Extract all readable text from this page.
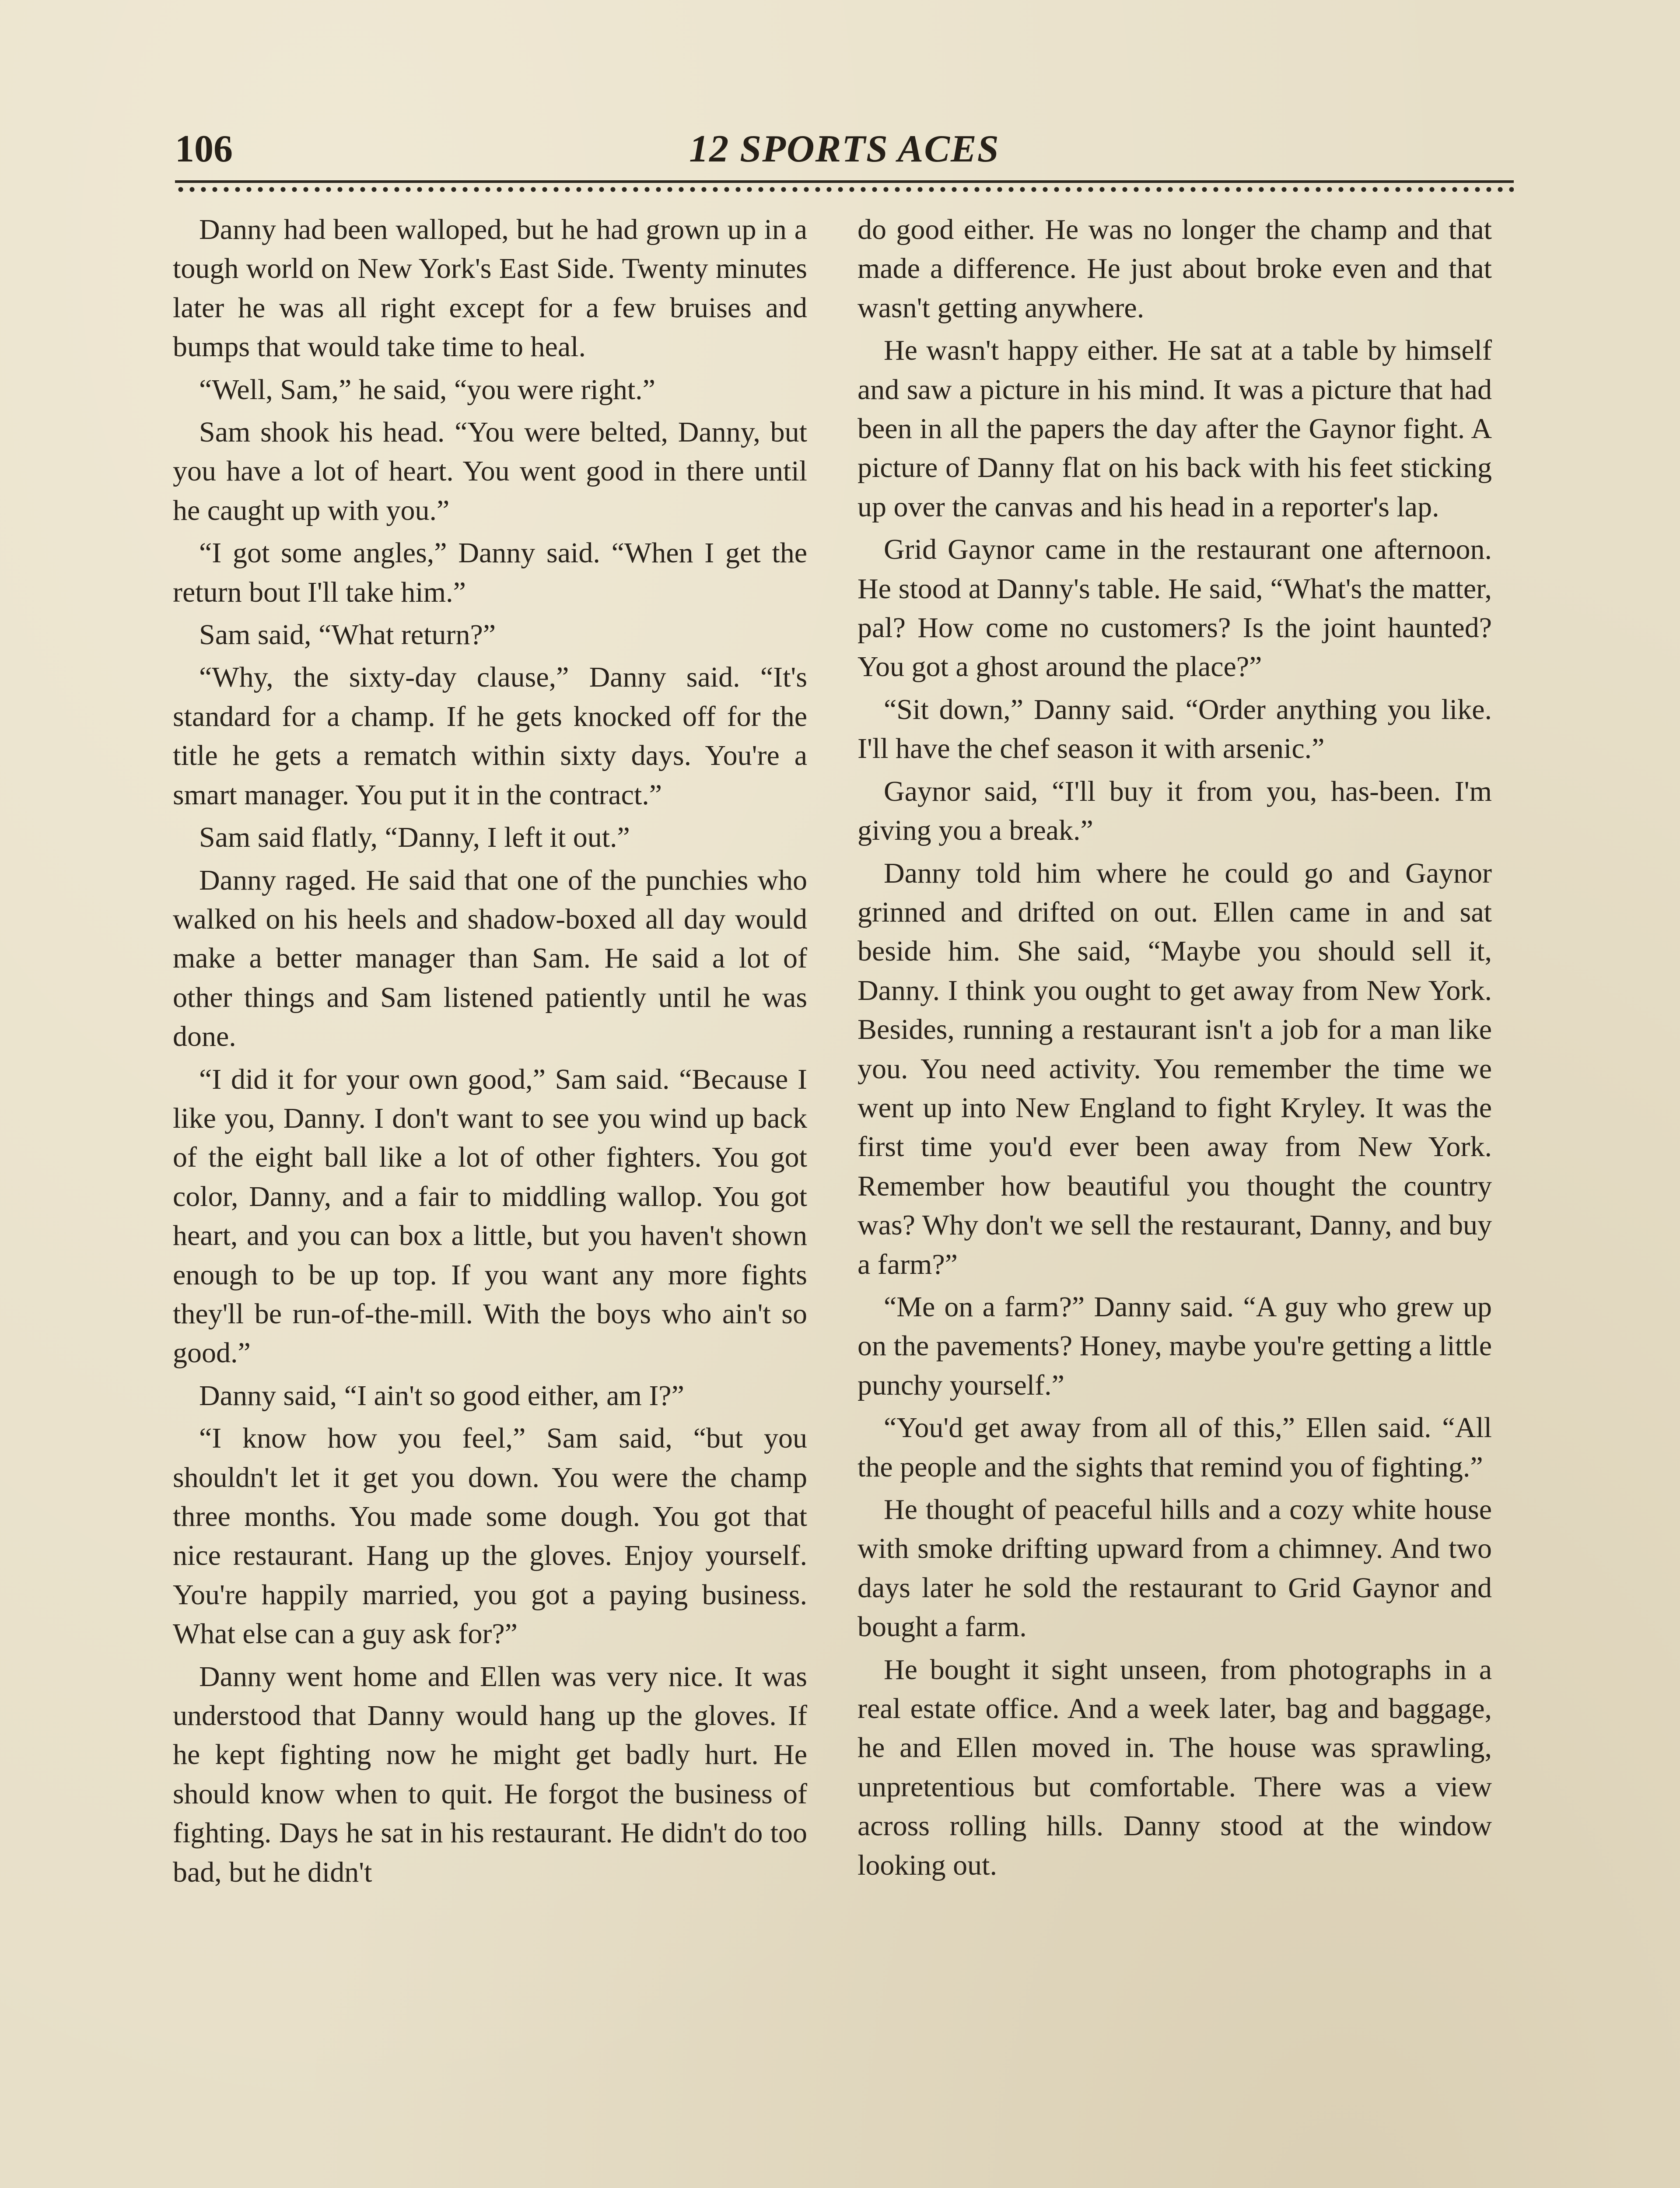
106	12 SPORTS ACES

Danny had been walloped, but he had grown up in a tough world on New York's East Side. Twenty minutes later he was all right except for a few bruises and bumps that would take time to heal.

“Well, Sam,” he said, “you were right.”

Sam shook his head. “You were belted, Danny, but you have a lot of heart. You went good in there until he caught up with you.”

“I got some angles,” Danny said. “When I get the return bout I'll take him.”

Sam said, “What return?”

“Why, the sixty-day clause,” Danny said. “It's standard for a champ. If he gets knocked off for the title he gets a rematch within sixty days. You're a smart manager. You put it in the contract.”

Sam said flatly, “Danny, I left it out.”

Danny raged. He said that one of the punchies who walked on his heels and shadow-boxed all day would make a better manager than Sam. He said a lot of other things and Sam listened patiently until he was done.

“I did it for your own good,” Sam said. “Because I like you, Danny. I don't want to see you wind up back of the eight ball like a lot of other fighters. You got color, Danny, and a fair to middling wallop. You got heart, and you can box a little, but you haven't shown enough to be up top. If you want any more fights they'll be run-of-the-mill. With the boys who ain't so good.”

Danny said, “I ain't so good either, am I?”

“I know how you feel,” Sam said, “but you shouldn't let it get you down. You were the champ three months. You made some dough. You got that nice restaurant. Hang up the gloves. Enjoy yourself. You're happily married, you got a paying business. What else can a guy ask for?”

Danny went home and Ellen was very nice. It was understood that Danny would hang up the gloves. If he kept fighting now he might get badly hurt. He should know when to quit. He forgot the business of fighting. Days he sat in his restaurant. He didn't do too bad, but he didn't

do good either. He was no longer the champ and that made a difference. He just about broke even and that wasn't getting anywhere.

He wasn't happy either. He sat at a table by himself and saw a picture in his mind. It was a picture that had been in all the papers the day after the Gaynor fight. A picture of Danny flat on his back with his feet sticking up over the canvas and his head in a reporter's lap.

Grid Gaynor came in the restaurant one afternoon. He stood at Danny's table. He said, “What's the matter, pal? How come no customers? Is the joint haunted? You got a ghost around the place?”

“Sit down,” Danny said. “Order anything you like. I'll have the chef season it with arsenic.”

Gaynor said, “I'll buy it from you, has-been. I'm giving you a break.”

Danny told him where he could go and Gaynor grinned and drifted on out. Ellen came in and sat beside him. She said, “Maybe you should sell it, Danny. I think you ought to get away from New York. Besides, running a restaurant isn't a job for a man like you. You need activity. You remember the time we went up into New England to fight Kryley. It was the first time you'd ever been away from New York. Remember how beautiful you thought the country was? Why don't we sell the restaurant, Danny, and buy a farm?”

“Me on a farm?” Danny said. “A guy who grew up on the pavements? Honey, maybe you're getting a little punchy yourself.”

“You'd get away from all of this,” Ellen said. “All the people and the sights that remind you of fighting.”

He thought of peaceful hills and a cozy white house with smoke drifting upward from a chimney. And two days later he sold the restaurant to Grid Gaynor and bought a farm.

He bought it sight unseen, from photographs in a real estate office. And a week later, bag and baggage, he and Ellen moved in. The house was sprawling, unpretentious but comfortable. There was a view across rolling hills. Danny stood at the window looking out.
